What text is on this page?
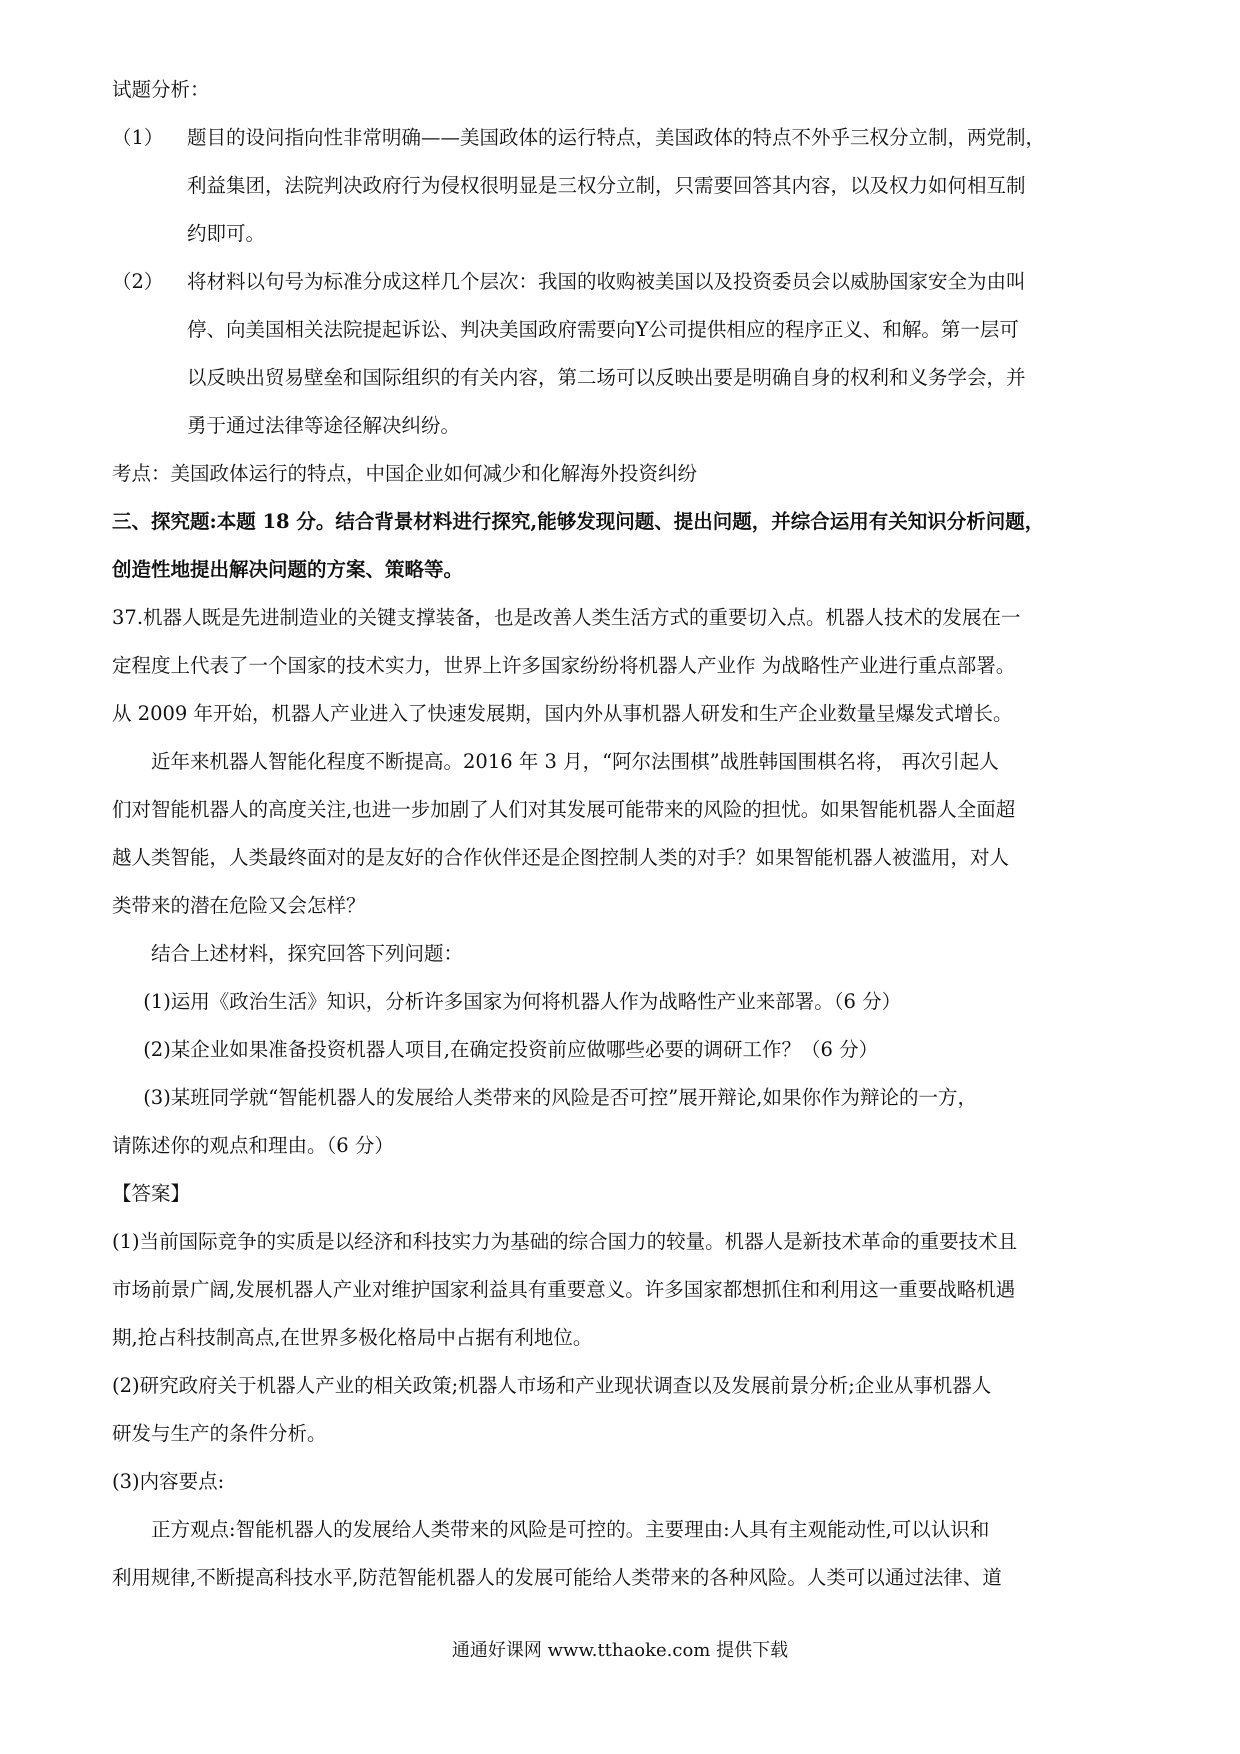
试题分析：

（1）	题目的设问指向性非常明确——美国政体的运行特点，美国政体的特点不外乎三权分立制，两党制，

利益集团，法院判决政府行为侵权很明显是三权分立制，只需要回答其内容，以及权力如何相互制

约即可。

（2）	将材料以句号为标准分成这样几个层次：我国的收购被美国以及投资委员会以威胁国家安全为由叫

停、向美国相关法院提起诉讼、判决美国政府需要向Y公司提供相应的程序正义、和解。第一层可

以反映出贸易壁垒和国际组织的有关内容，第二场可以反映出要是明确自身的权利和义务学会，并

勇于通过法律等途径解决纠纷。

考点：美国政体运行的特点，中国企业如何减少和化解海外投资纠纷

三、探究题:本题 18 分。结合背景材料进行探究,能够发现问题、提出问题，并综合运用有关知识分析问题，

创造性地提出解决问题的方案、策略等。

37.机器人既是先进制造业的关键支撑装备，也是改善人类生活方式的重要切入点。机器人技术的发展在一

定程度上代表了一个国家的技术实力，世界上许多国家纷纷将机器人产业作 为战略性产业进行重点部署。

从 2009 年开始，机器人产业进入了快速发展期，国内外从事机器人研发和生产企业数量呈爆发式增长。

近年来机器人智能化程度不断提高。2016 年 3 月，“阿尔法围棋”战胜韩国围棋名将， 再次引起人

们对智能机器人的高度关注,也进一步加剧了人们对其发展可能带来的风险的担忧。如果智能机器人全面超

越人类智能，人类最终面对的是友好的合作伙伴还是企图控制人类的对手？如果智能机器人被滥用，对人

类带来的潜在危险又会怎样？

结合上述材料，探究回答下列问题：

(1)运用《政治生活》知识，分析许多国家为何将机器人作为战略性产业来部署。（6 分）

(2)某企业如果准备投资机器人项目,在确定投资前应做哪些必要的调研工作？（6 分）

(3)某班同学就“智能机器人的发展给人类带来的风险是否可控”展开辩论,如果你作为辩论的一方，

请陈述你的观点和理由。（6 分）

【答案】

(1)当前国际竞争的实质是以经济和科技实力为基础的综合国力的较量。机器人是新技术革命的重要技术且

市场前景广阔,发展机器人产业对维护国家利益具有重要意义。许多国家都想抓住和利用这一重要战略机遇

期,抢占科技制高点,在世界多极化格局中占据有利地位。

(2)研究政府关于机器人产业的相关政策;机器人市场和产业现状调查以及发展前景分析;企业从事机器人

研发与生产的条件分析。

(3)内容要点:

正方观点:智能机器人的发展给人类带来的风险是可控的。主要理由:人具有主观能动性,可以认识和

利用规律,不断提高科技水平,防范智能机器人的发展可能给人类带来的各种风险。人类可以通过法律、道

通通好课网 www.tthaoke.com 提供下载
